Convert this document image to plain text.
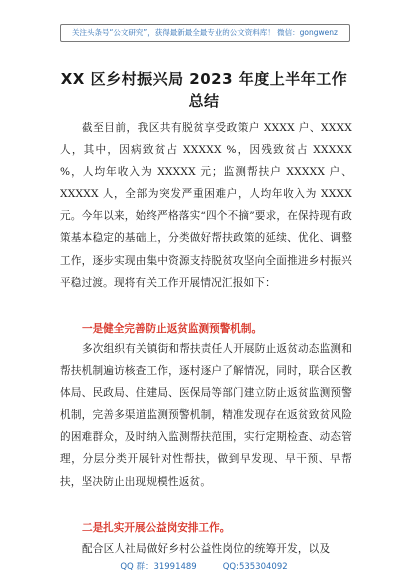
关注头条号“公文研究”，获得最新最全最专业的公文资料库！ 微信：gongwenz
XX 区乡村振兴局 2023 年度上半年工作
总结
截至目前，我区共有脱贫享受政策户 XXXX 户、XXXX 人，其中，因病致贫占 XXXXX %，因残致贫占 XXXXX %，人均年收入为 XXXXX 元；监测帮扶户 XXXXX 户、XXXXX 人，全部为突发严重困难户，人均年收入为 XXXX 元。今年以来，始终严格落实“四个不摘”要求，在保持现有政策基本稳定的基础上，分类做好帮扶政策的延续、优化、调整工作，逐步实现由集中资源支持脱贫攻坚向全面推进乡村振兴平稳过渡。现将有关工作开展情况汇报如下：
一是健全完善防止返贫监测预警机制。
多次组织有关镇街和帮扶责任人开展防止返贫动态监测和帮扶机制遍访核查工作，逐村逐户了解情况，同时，联合区教体局、民政局、住建局、医保局等部门建立防止返贫监测预警机制，完善多渠道监测预警机制，精准发现存在返贫致贫风险的困难群众，及时纳入监测帮扶范围，实行定期检查、动态管理，分层分类开展针对性帮扶，做到早发现、早干预、早帮扶，坚决防止出现规模性返贫。
二是扎实开展公益岗安排工作。
配合区人社局做好乡村公益性岗位的统筹开发，以及
QQ 群：31991489	QQ:535304092
